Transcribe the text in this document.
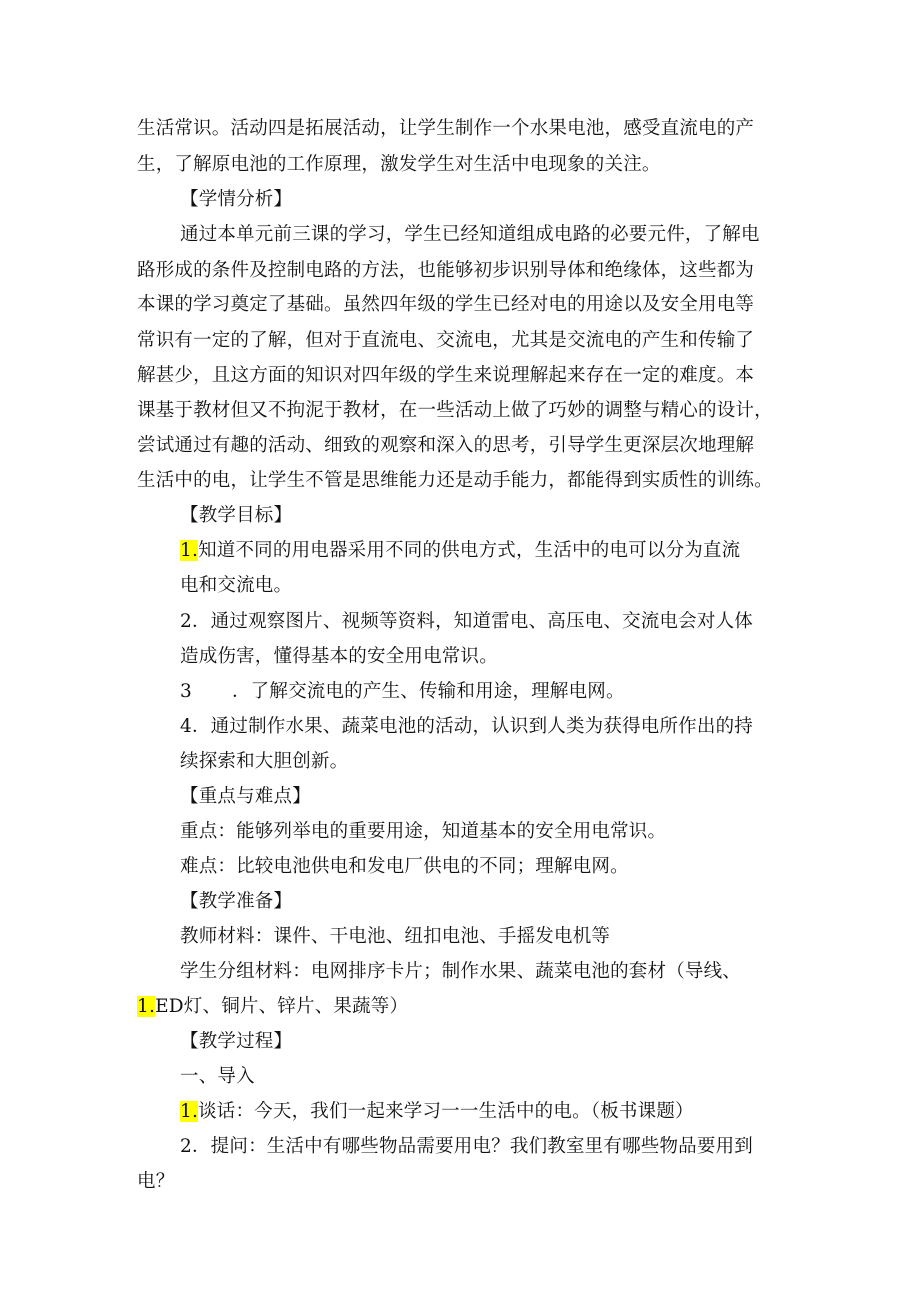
生活常识。活动四是拓展活动，让学生制作一个水果电池，感受直流电的产
生，了解原电池的工作原理，激发学生对生活中电现象的关注。
【学情分析】
通过本单元前三课的学习，学生已经知道组成电路的必要元件，了解电
路形成的条件及控制电路的方法，也能够初步识别导体和绝缘体，这些都为
本课的学习奠定了基础。虽然四年级的学生已经对电的用途以及安全用电等
常识有一定的了解，但对于直流电、交流电，尤其是交流电的产生和传输了
解甚少，且这方面的知识对四年级的学生来说理解起来存在一定的难度。本
课基于教材但又不拘泥于教材，在一些活动上做了巧妙的调整与精心的设计，
尝试通过有趣的活动、细致的观察和深入的思考，引导学生更深层次地理解
生活中的电，让学生不管是思维能力还是动手能力，都能得到实质性的训练。
【教学目标】
1.知道不同的用电器采用不同的供电方式，生活中的电可以分为直流
电和交流电。
2．通过观察图片、视频等资料，知道雷电、高压电、交流电会对人体
造成伤害，懂得基本的安全用电常识。
3 ．了解交流电的产生、传输和用途，理解电网。
4．通过制作水果、蔬菜电池的活动，认识到人类为获得电所作出的持
续探索和大胆创新。
【重点与难点】
重点：能够列举电的重要用途，知道基本的安全用电常识。
难点：比较电池供电和发电厂供电的不同；理解电网。
【教学准备】
教师材料：课件、干电池、纽扣电池、手摇发电机等
学生分组材料：电网排序卡片；制作水果、蔬菜电池的套材（导线、
1.ED灯、铜片、锌片、果蔬等）
【教学过程】
一、导入
1.谈话：今天，我们一起来学习一一生活中的电。（板书课题）
2．提问：生活中有哪些物品需要用电？我们教室里有哪些物品要用到
电？
